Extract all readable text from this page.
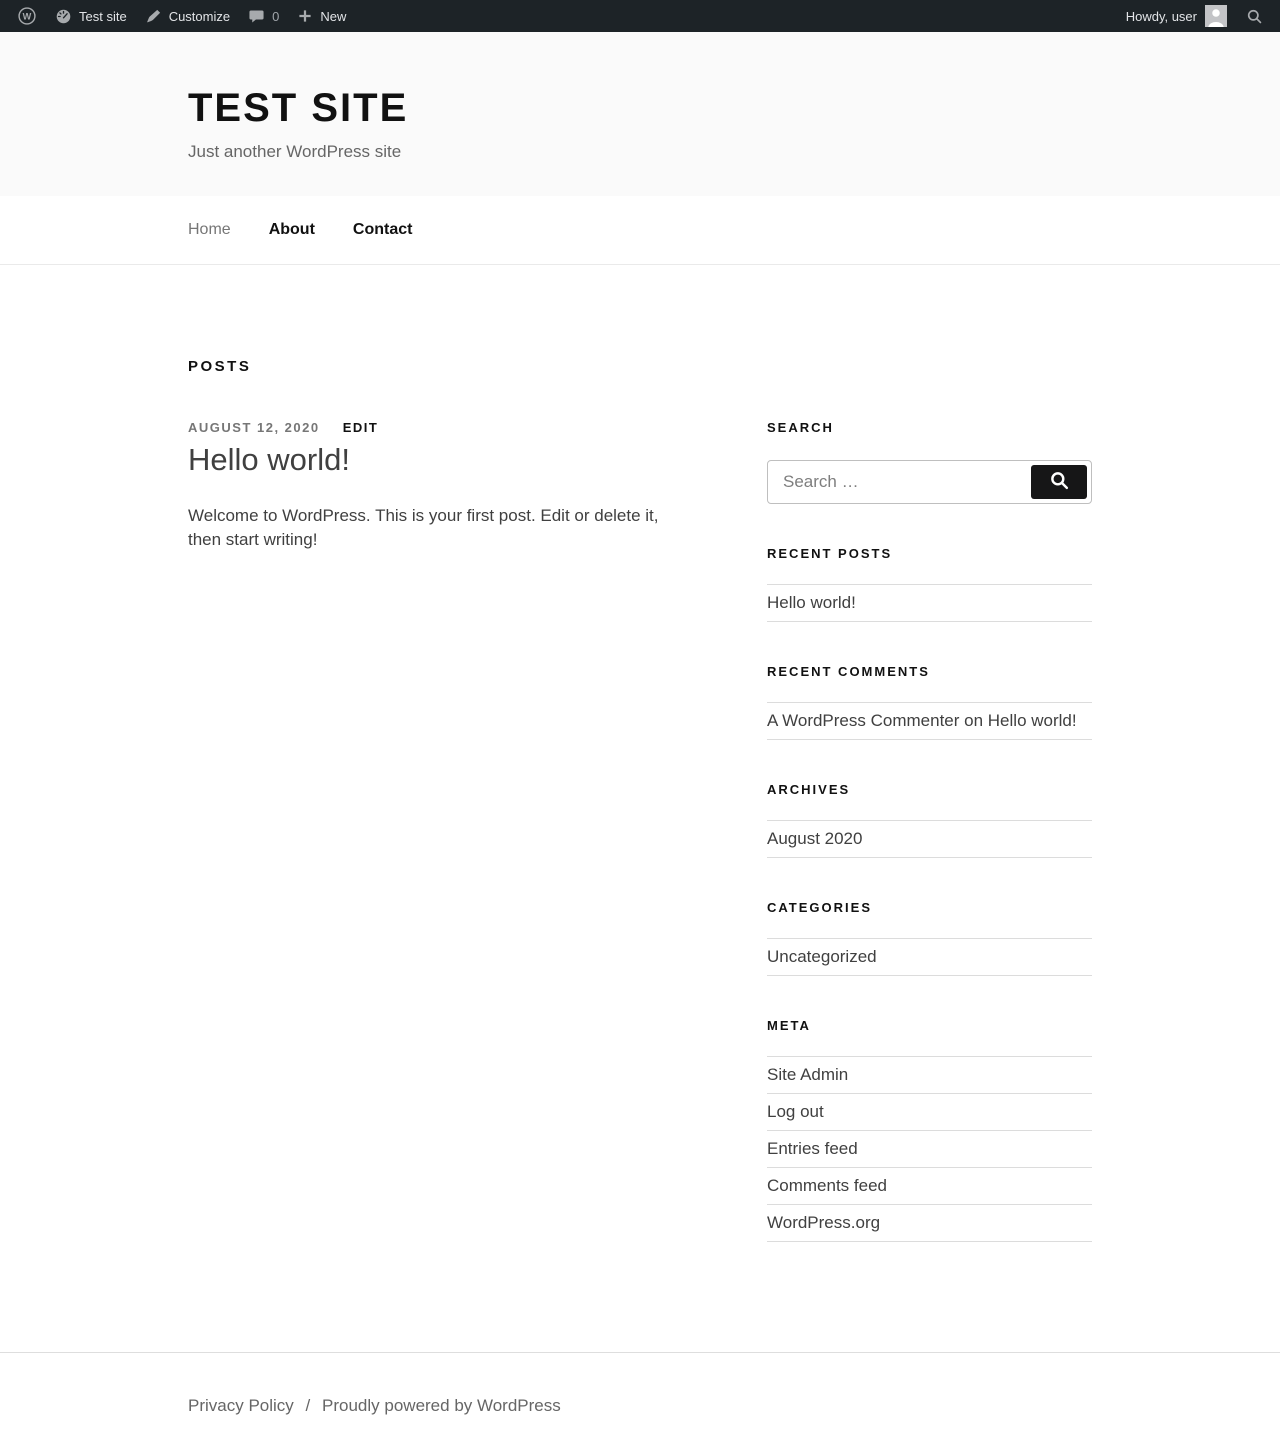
W	Test site	Customize	0	New	Howdy, user
TEST SITE
Just another WordPress site
Home About Contact
POSTS
AUGUST 12, 2020 EDIT
Hello world!

Welcome to WordPress. This is your first post. Edit or delete it, then start writing!

SEARCH
Search …
RECENT POSTS
Hello world!
RECENT COMMENTS
A WordPress Commenter on Hello world!
ARCHIVES
August 2020
CATEGORIES
Uncategorized
META
Site Admin
Log out
Entries feed
Comments feed
WordPress.org
Privacy Policy / Proudly powered by WordPress
